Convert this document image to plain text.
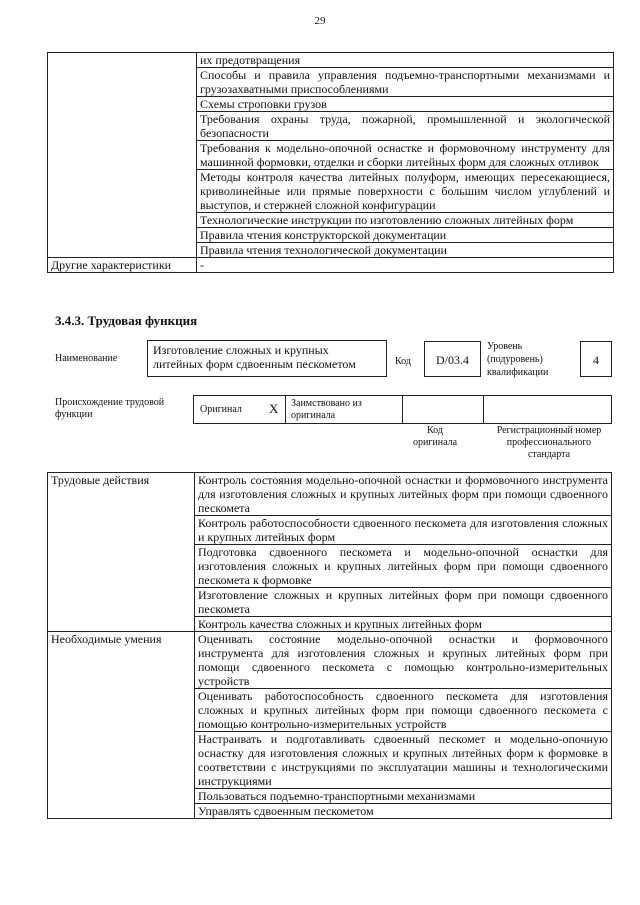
29
	их предотвращения
	Способы и правила управления подъемно-транспортными механизмами и грузозахватными приспособлениями
	Схемы строповки грузов
	Требования охраны труда, пожарной, промышленной и экологической безопасности
	Требования к модельно-опочной оснастке и формовочному инструменту для машинной формовки, отделки и сборки литейных форм для сложных отливок
	Методы контроля качества литейных полуформ, имеющих пересекающиеся, криволинейные или прямые поверхности с большим числом углублений и выступов, и стержней сложной конфигурации
	Технологические инструкции по изготовлению сложных литейных форм
	Правила чтения конструкторской документации
	Правила чтения технологической документации
Другие характеристики	-
3.4.3. Трудовая функция
Наименование
Изготовление сложных и крупных литейных форм сдвоенным пескометом	Код	D/03.4
Уровень (подуровень) квалификации
4
Происхождение трудовой функции	Оригинал X Заимствовано из оригинала
Код оригинала
Регистрационный номер профессионального стандарта
Трудовые действия	Контроль состояния модельно-опочной оснастки и формовочного инструмента для изготовления сложных и крупных литейных форм при помощи сдвоенного пескомета
	Контроль работоспособности сдвоенного пескомета для изготовления сложных и крупных литейных форм
	Подготовка сдвоенного пескомета и модельно-опочной оснастки для изготовления сложных и крупных литейных форм при помощи сдвоенного пескомета к формовке
	Изготовление сложных и крупных литейных форм при помощи сдвоенного пескомета
	Контроль качества сложных и крупных литейных форм
Необходимые умения	Оценивать состояние модельно-опочной оснастки и формовочного инструмента для изготовления сложных и крупных литейных форм при помощи сдвоенного пескомета с помощью контрольно-измерительных устройств
	Оценивать работоспособность сдвоенного пескомета для изготовления сложных и крупных литейных форм при помощи сдвоенного пескомета с помощью контрольно-измерительных устройств
	Настраивать и подготавливать сдвоенный пескомет и модельно-опочную оснастку для изготовления сложных и крупных литейных форм к формовке в соответствии с инструкциями по эксплуатации машины и технологическими инструкциями
	Пользоваться подъемно-транспортными механизмами
	Управлять сдвоенным пескометом
